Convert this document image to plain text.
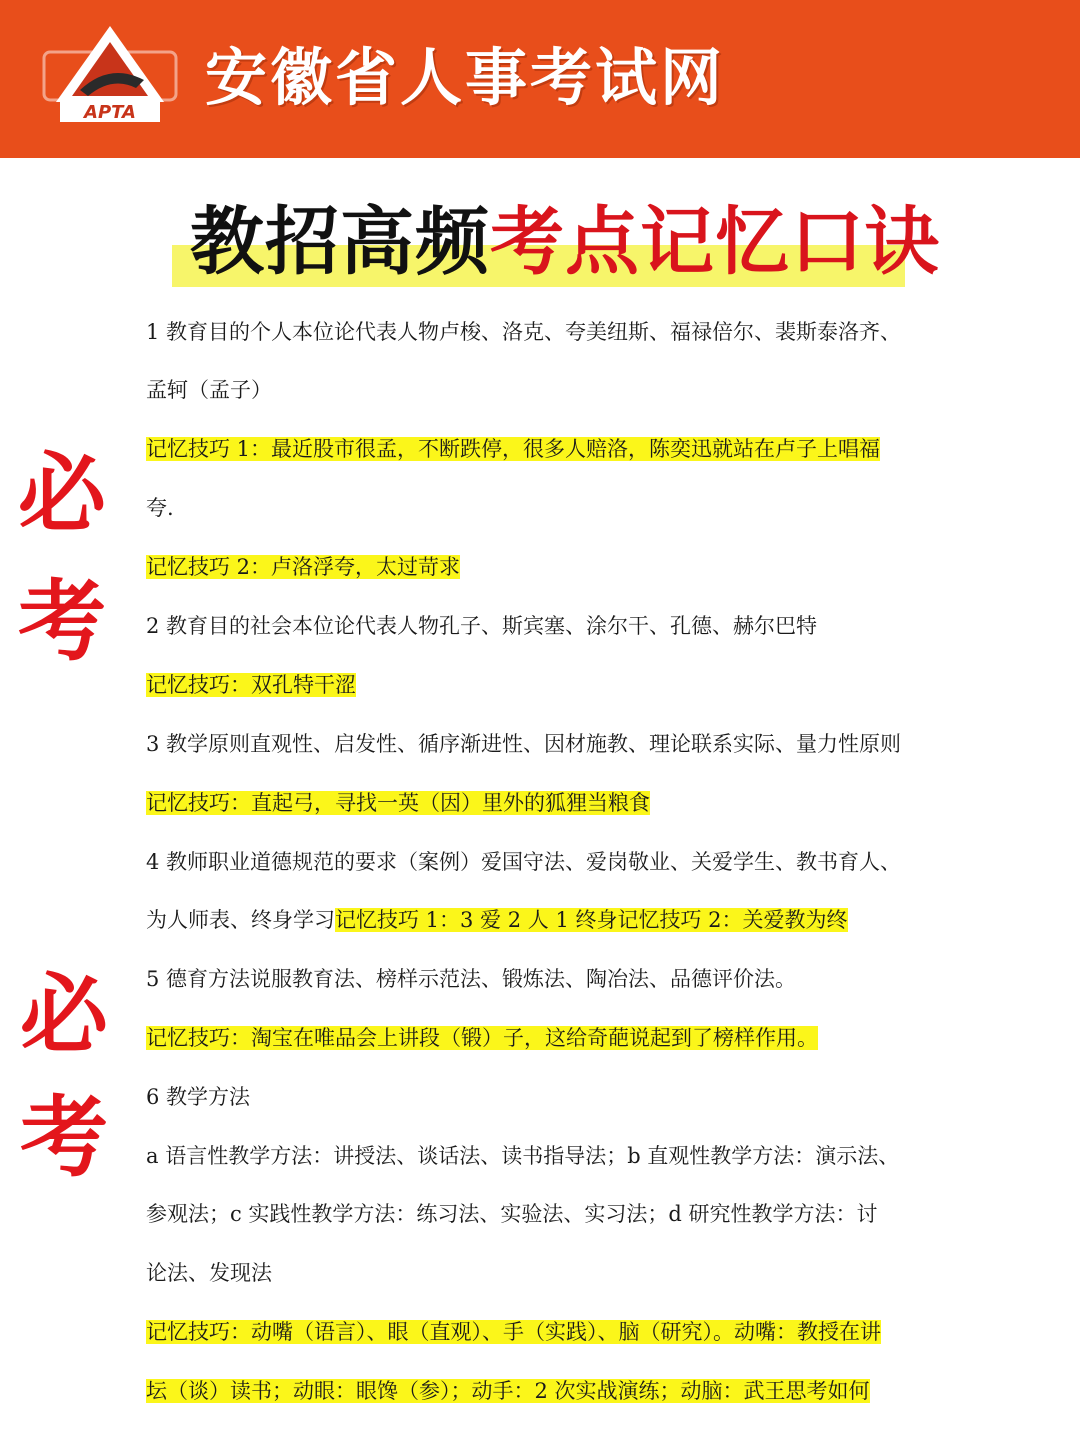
APTA 安徽省人事考试网
教招高频考点记忆口诀
必
考
必
考
1 教育目的个人本位论代表人物卢梭、洛克、夸美纽斯、福禄倍尔、裴斯泰洛齐、
孟轲（孟子）
记忆技巧 1：最近股市很孟，不断跌停，很多人赔洛，陈奕迅就站在卢子上唱福
夸.
记忆技巧 2：卢洛浮夸，太过苛求
2 教育目的社会本位论代表人物孔子、斯宾塞、涂尔干、孔德、赫尔巴特
记忆技巧：双孔特干涩
3 教学原则直观性、启发性、循序渐进性、因材施教、理论联系实际、量力性原则
记忆技巧：直起弓，寻找一英（因）里外的狐狸当粮食
4 教师职业道德规范的要求（案例）爱国守法、爱岗敬业、关爱学生、教书育人、
为人师表、终身学习记忆技巧 1：3 爱 2 人 1 终身记忆技巧 2：关爱教为终
5 德育方法说服教育法、榜样示范法、锻炼法、陶冶法、品德评价法。
记忆技巧：淘宝在唯品会上讲段（锻）子，这给奇葩说起到了榜样作用。
6 教学方法
a 语言性教学方法：讲授法、谈话法、读书指导法；b 直观性教学方法：演示法、
参观法；c 实践性教学方法：练习法、实验法、实习法；d 研究性教学方法：讨
论法、发现法
记忆技巧：动嘴（语言）、眼（直观）、手（实践）、脑（研究）。动嘴：教授在讲
坛（谈）读书；动眼：眼馋（参）；动手：2 次实战演练；动脑：武王思考如何
